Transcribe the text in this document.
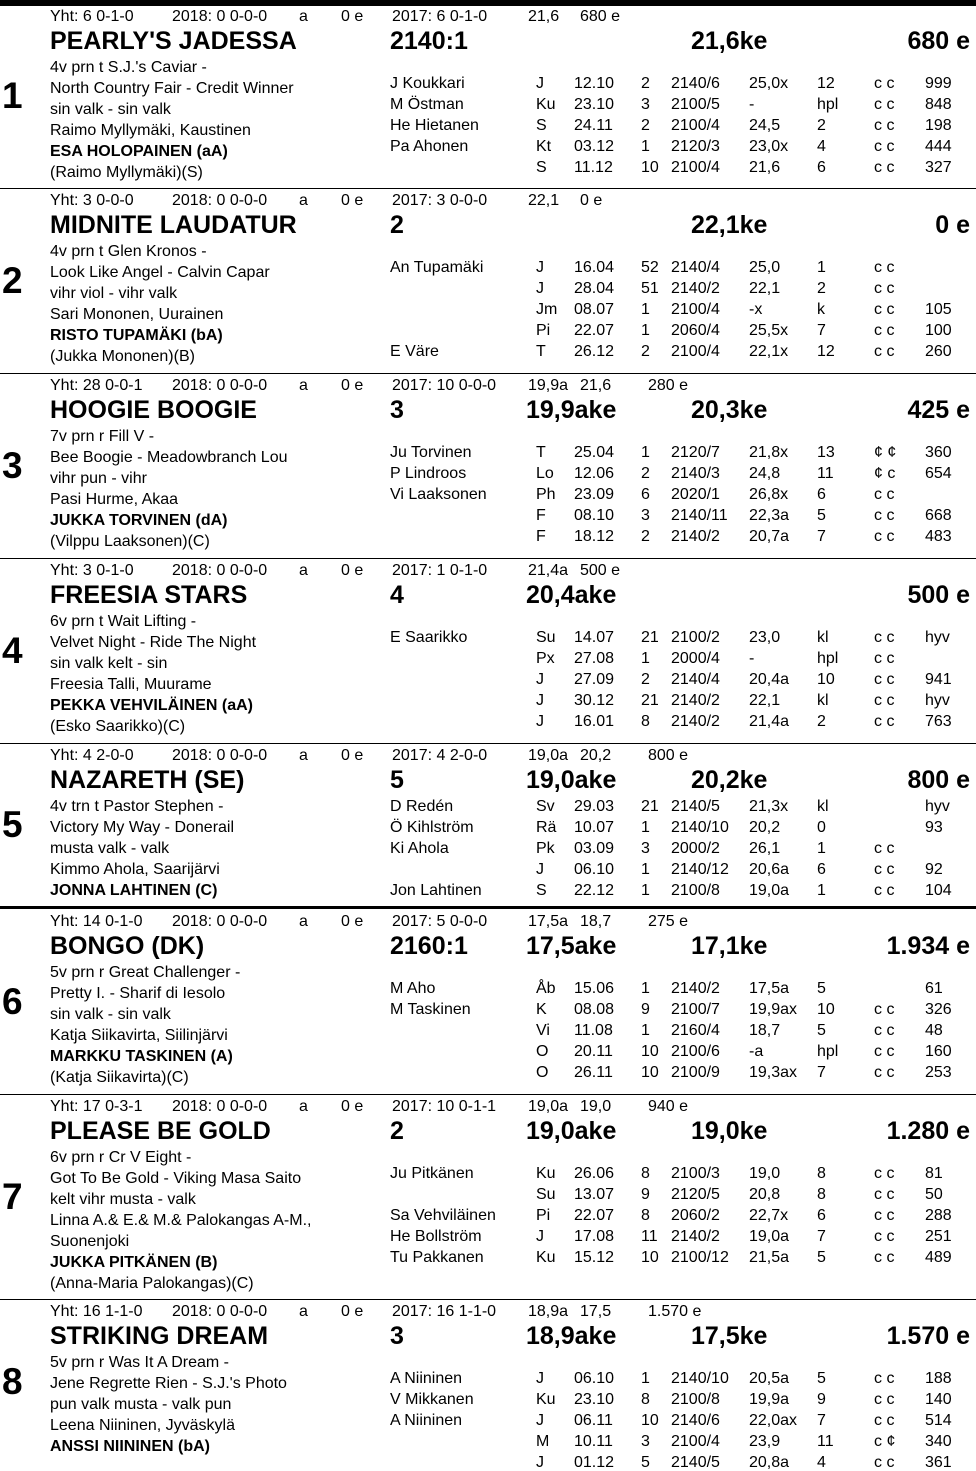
Yht: 6 0-1-0 2018: 0 0-0-0 a 0 e 2017: 6 0-1-0	21,6 680 e
PEARLY'S JADESSA	2140:1	21,6ke	680 e
1
4v prn t S.J.'s Caviar -
North Country Fair - Credit Winner
sin valk - sin valk
Raimo Myllymäki, Kaustinen
ESA HOLOPAINEN (aA)
(Raimo Myllymäki)(S)
J Koukkari	J 12.10 2 2140/6 25,0x 12 c c 999
M Östman	Ku 23.10 3 2100/5 -	hpl c c 848
He Hietanen	S 24.11 2 2100/4 24,5 2	c c 198
Pa Ahonen	Kt 03.12 1 2120/3 23,0x 4	c c 444
S 11.12 10 2100/4 21,6 6	c c 327
Yht: 3 0-0-0 2018: 0 0-0-0 a 0 e 2017: 3 0-0-0	22,1 0 e
MIDNITE LAUDATUR	2	22,1ke	0 e
2
4v prn t Glen Kronos -
Look Like Angel - Calvin Capar
vihr viol - vihr valk
Sari Mononen, Uurainen
RISTO TUPAMÄKI (bA)
(Jukka Mononen)(B)
An Tupamäki	J 16.04 52 2140/4 25,0 1	c c
J 28.04 51 2140/2 22,1 2	c c
Jm 08.07 1 2100/4 -x	k	c c 105
Pi 22.07 1 2060/4 25,5x 7	c c 100
E Väre	T 26.12 2 2100/4 22,1x 12 c c 260
Yht: 28 0-0-1 2018: 0 0-0-0 a 0 e 2017: 10 0-0-0 19,9a 21,6 280 e
HOOGIE BOOGIE	3	19,9ake	20,3ke	425 e
3
7v prn r Fill V -
Bee Boogie - Meadowbranch Lou
vihr pun - vihr
Pasi Hurme, Akaa
JUKKA TORVINEN (dA)
(Vilppu Laaksonen)(C)
Ju Torvinen	T 25.04 1 2120/7 21,8x 13 ¢ ¢ 360
P Lindroos	Lo 12.06 2 2140/3 24,8 11	¢ c 654
Vi Laaksonen	Ph 23.09 6 2020/1 26,8x 6	c c
F 08.10 3 2140/11 22,3a 5	c c 668
F 18.12 2 2140/2 20,7a 7	c c 483
Yht: 3 0-1-0 2018: 0 0-0-0 a 0 e 2017: 1 0-1-0	21,4a 500 e
FREESIA STARS	4	20,4ake	500 e
4
6v prn t Wait Lifting -
Velvet Night - Ride The Night
sin valk kelt - sin
Freesia Talli, Muurame
PEKKA VEHVILÄINEN (aA)
(Esko Saarikko)(C)
E Saarikko	Su 14.07 21 2100/2 23,0 kl	c c hyv
Px 27.08 1 2000/4 -	hpl c c
J 27.09 2 2140/4 20,4a 10 c c 941
J 30.12 21 2140/2 22,1 kl	c c hyv
J 16.01 8 2140/2 21,4a 2	c c 763
Yht: 4 2-0-0 2018: 0 0-0-0 a 0 e 2017: 4 2-0-0	19,0a 20,2 800 e
NAZARETH (SE)	5	19,0ake	20,2ke	800 e
5 4v trn t Pastor Stephen -
Victory My Way - Donerail
musta valk - valk
Kimmo Ahola, Saarijärvi
JONNA LAHTINEN (C)
D Redén	Sv 29.03 21 2140/5 21,3x kl	hyv
Ö Kihlström	Rä 10.07 1 2140/10 20,2 0	93
Ki Ahola	Pk 03.09 3 2000/2 26,1 1	c c
J 06.10 1 2140/12 20,6a 6	c c 92
Jon Lahtinen	S 22.12 1 2100/8 19,0a 1	c c 104
Yht: 14 0-1-0 2018: 0 0-0-0 a 0 e 2017: 5 0-0-0	17,5a 18,7 275 e
BONGO (DK)	2160:1 17,5ake	17,1ke	1.934 e
6
5v prn r Great Challenger -
Pretty I. - Sharif di Iesolo
sin valk - sin valk
Katja Siikavirta, Siilinjärvi
MARKKU TASKINEN (A)
(Katja Siikavirta)(C)
M Aho	Åb 15.06 1 2140/2 17,5a 5	61
M Taskinen	K 08.08 9 2100/7 19,9ax 10 c c 326
Vi 11.08 1 2160/4 18,7 5	c c 48
O 20.11 10 2100/6 -a	hpl c c 160
O 26.11 10 2100/9 19,3ax 7	c c 253
Yht: 17 0-3-1 2018: 0 0-0-0 a 0 e 2017: 10 0-1-1 19,0a 19,0 940 e
PLEASE BE GOLD	2	19,0ake	19,0ke	1.280 e
7
6v prn r Cr V Eight -
Got To Be Gold - Viking Masa Saito
kelt vihr musta - valk
Linna A.& E.& M.& Palokangas A-M.,
Suonenjoki
JUKKA PITKÄNEN (B)
(Anna-Maria Palokangas)(C)
Ju Pitkänen	Ku 26.06 8 2100/3 19,0 8	c c 81
Su 13.07 9 2120/5 20,8 8	c c 50
Sa Vehviläinen	Pi 22.07 8 2060/2 22,7x 6	c c 288
He Bollström	J 17.08 11 2140/2 19,0a 7	c c 251
Tu Pakkanen	Ku 15.12 10 2100/12 21,5a 5	c c 489
Yht: 16 1-1-0 2018: 0 0-0-0 a 0 e 2017: 16 1-1-0 18,9a 17,5 1.570 e
STRIKING DREAM	3	18,9ake	17,5ke	1.570 e
8 5v prn r Was It A Dream -
Jene Regrette Rien - S.J.'s Photo
pun valk musta - valk pun
Leena Niininen, Jyväskylä
ANSSI NIININEN (bA)
A Niininen	J 06.10 1 2140/10 20,5a 5	c c 188
V Mikkanen	Ku 23.10 8 2100/8 19,9a 9	c c 140
A Niininen	J 06.11 10 2140/6 22,0ax 7	c c 514
M 10.11 3 2100/4 23,9 11	c ¢ 340
J 01.12 5 2140/5 20,8a 4	c c 361
